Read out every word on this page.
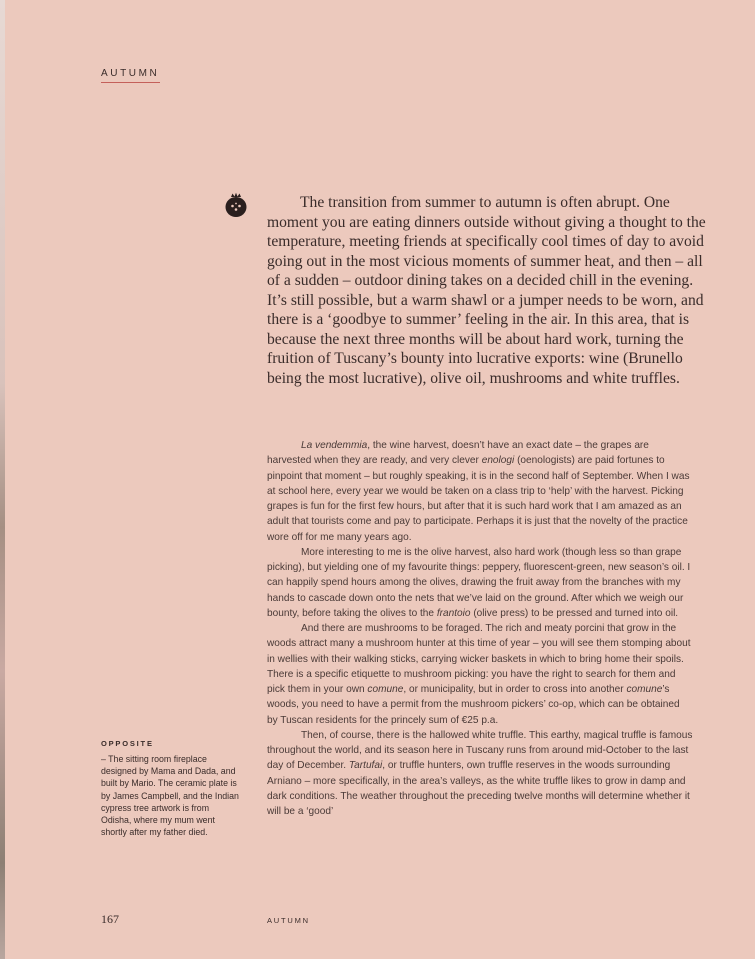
AUTUMN

The transition from summer to autumn is often abrupt. One moment you are eating dinners outside without giving a thought to the temperature, meeting friends at specifically cool times of day to avoid going out in the most vicious moments of summer heat, and then – all of a sudden – outdoor dining takes on a decided chill in the evening. It’s still possible, but a warm shawl or a jumper needs to be worn, and there is a ‘goodbye to summer’ feeling in the air. In this area, that is because the next three months will be about hard work, turning the fruition of Tuscany’s bounty into lucrative exports: wine (Brunello being the most lucrative), olive oil, mushrooms and white truffles.

La vendemmia, the wine harvest, doesn’t have an exact date – the grapes are harvested when they are ready, and very clever enologi (oenologists) are paid fortunes to pinpoint that moment – but roughly speaking, it is in the second half of September. When I was at school here, every year we would be taken on a class trip to ‘help’ with the harvest. Picking grapes is fun for the first few hours, but after that it is such hard work that I am amazed as an adult that tourists come and pay to participate. Perhaps it is just that the novelty of the practice wore off for me many years ago.

More interesting to me is the olive harvest, also hard work (though less so than grape picking), but yielding one of my favourite things: peppery, fluorescent-green, new season’s oil. I can happily spend hours among the olives, drawing the fruit away from the branches with my hands to cascade down onto the nets that we’ve laid on the ground. After which we weigh our bounty, before taking the olives to the frantoio (olive press) to be pressed and turned into oil.

And there are mushrooms to be foraged. The rich and meaty porcini that grow in the woods attract many a mushroom hunter at this time of year – you will see them stomping about in wellies with their walking sticks, carrying wicker baskets in which to bring home their spoils. There is a specific etiquette to mushroom picking: you have the right to search for them and pick them in your own comune, or municipality, but in order to cross into another comune’s woods, you need to have a permit from the mushroom pickers’ co-op, which can be obtained by Tuscan residents for the princely sum of €25 p.a.

Then, of course, there is the hallowed white truffle. This earthy, magical truffle is famous throughout the world, and its season here in Tuscany runs from around mid-October to the last day of December. Tartufai, or truffle hunters, own truffle reserves in the woods surrounding Arniano – more specifically, in the area’s valleys, as the white truffle likes to grow in damp and dark conditions. The weather throughout the preceding twelve months will determine whether it will be a ‘good’

OPPOSITE

– The sitting room fireplace designed by Mama and Dada, and built by Mario. The ceramic plate is by James Campbell, and the Indian cypress tree artwork is from Odisha, where my mum went shortly after my father died.

167	AUTUMN
